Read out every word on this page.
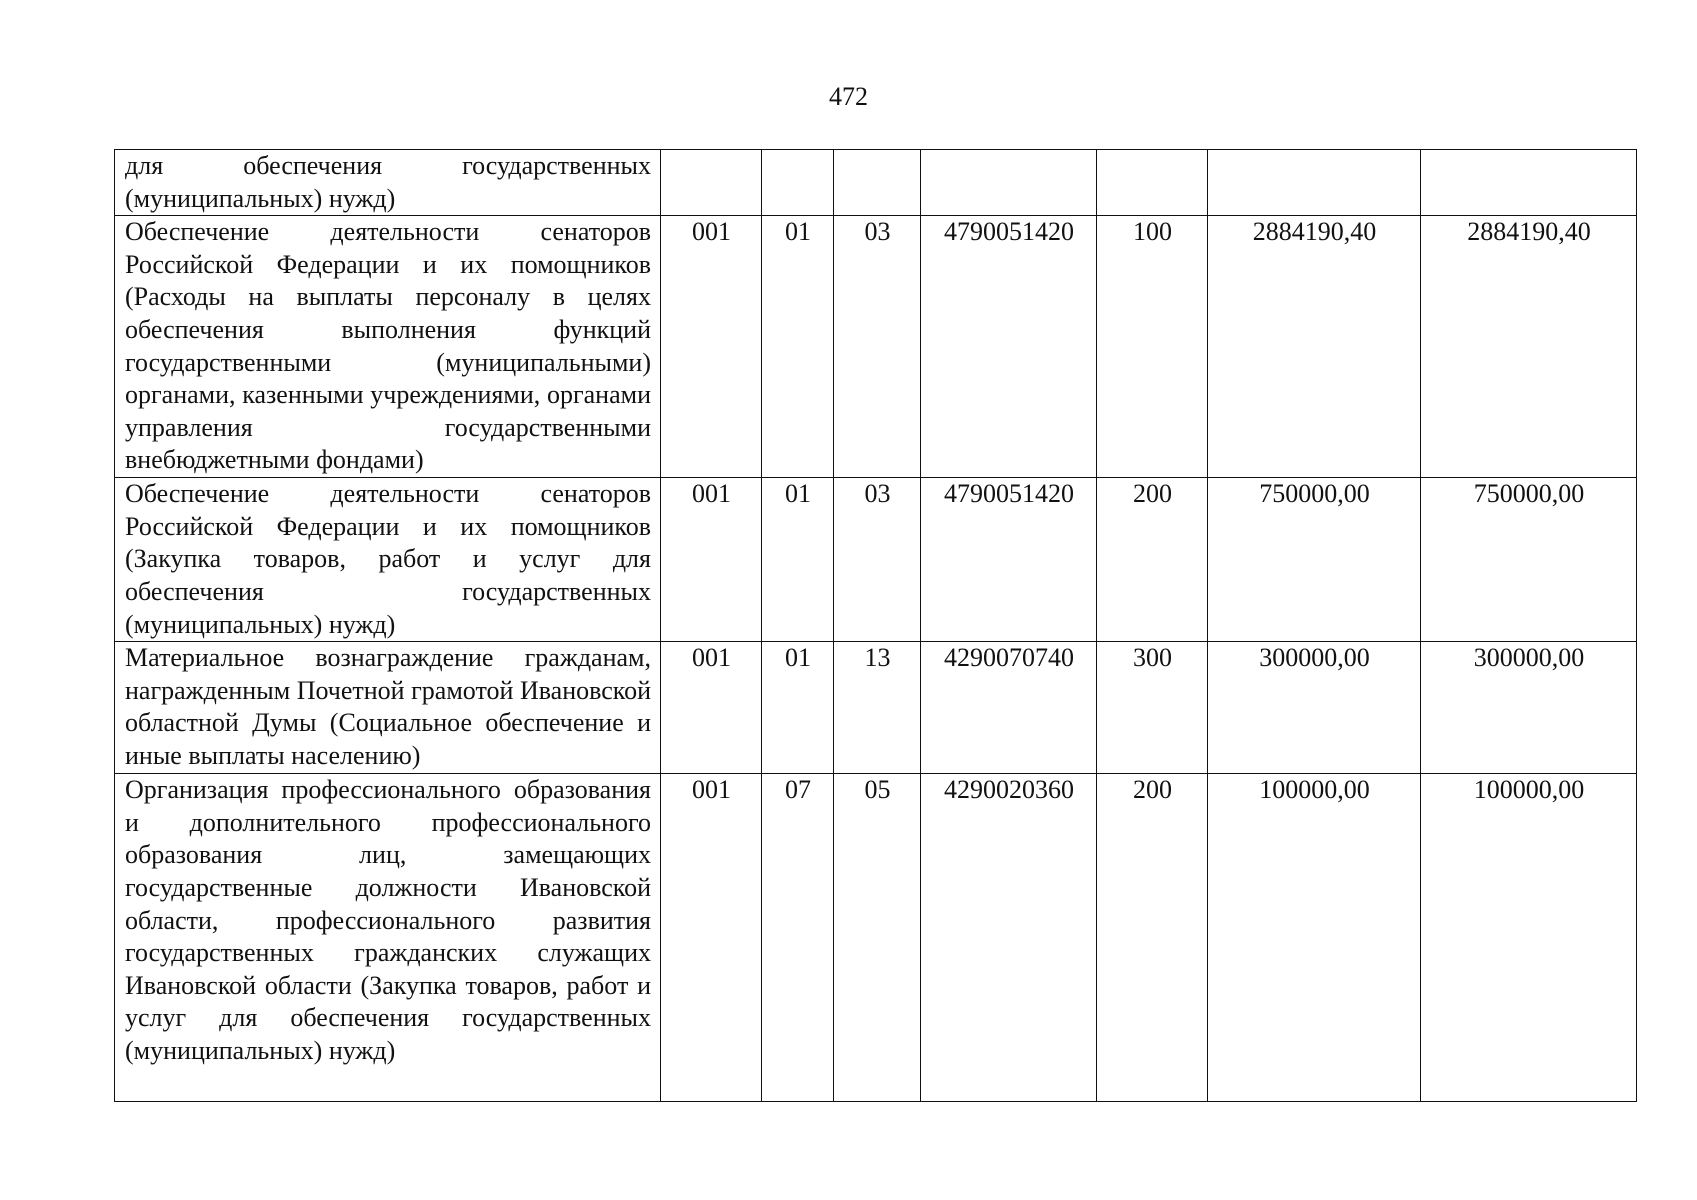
472
для обеспечения государственных (муниципальных) нужд)							
Обеспечение деятельности сенаторов Российской Федерации и их помощников (Расходы на выплаты персоналу в целях обеспечения выполнения функций государственными (муниципальными) органами, казенными учреждениями, органами управления государственными внебюджетными фондами)	001	01	03	4790051420	100	2884190,40	2884190,40
Обеспечение деятельности сенаторов Российской Федерации и их помощников (Закупка товаров, работ и услуг для обеспечения государственных (муниципальных) нужд)	001	01	03	4790051420	200	750000,00	750000,00
Материальное вознаграждение гражданам, награжденным Почетной грамотой Ивановской областной Думы (Социальное обеспечение и иные выплаты населению)	001	01	13	4290070740	300	300000,00	300000,00
Организация профессионального образования и дополнительного профессионального образования лиц, замещающих государственные должности Ивановской области, профессионального развития государственных гражданских служащих Ивановской области (Закупка товаров, работ и услуг для обеспечения государственных (муниципальных) нужд)	001	07	05	4290020360	200	100000,00	100000,00
